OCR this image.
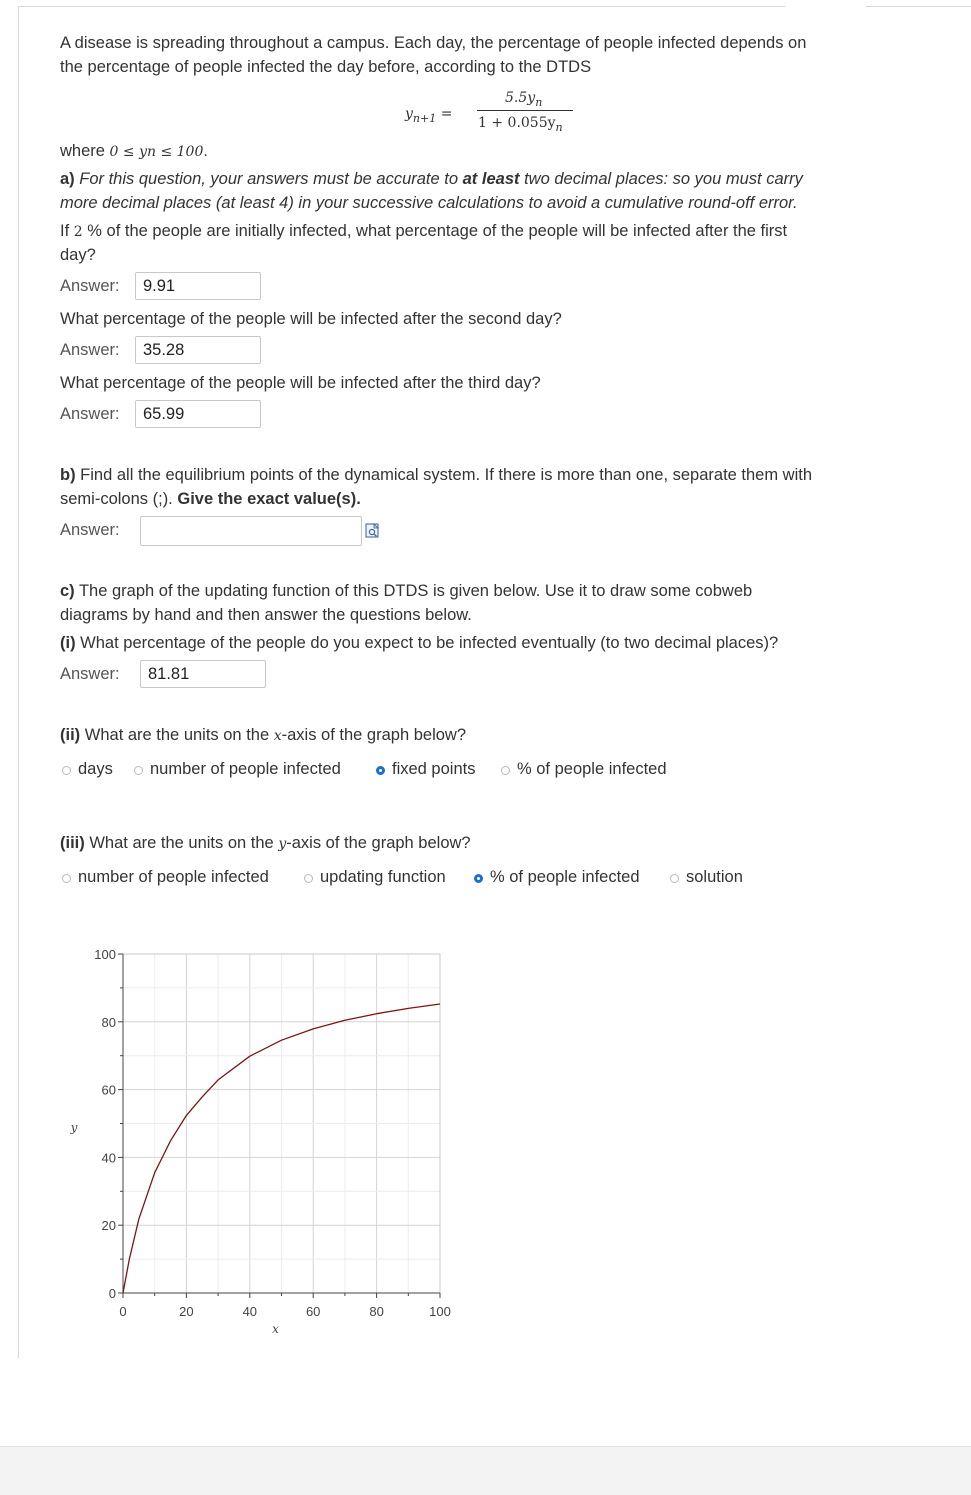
A disease is spreading throughout a campus. Each day, the percentage of people infected depends on
the percentage of people infected the day before, according to the DTDS
$y_{n+1}$ =
$5.5y_n$
$1 + 0.055y_n$
where 0 ≤ yn ≤ 100.
a) For this question, your answers must be accurate to at least two decimal places: so you must carry
more decimal places (at least 4) in your successive calculations to avoid a cumulative round-off error.
If 2 % of the people are initially infected, what percentage of the people will be infected after the first
day?
Answer:	9.91
What percentage of the people will be infected after the second day?
Answer:	35.28
What percentage of the people will be infected after the third day?
Answer:	65.99
b) Find all the equilibrium points of the dynamical system. If there is more than one, separate them with
semi-colons (;). Give the exact value(s).
Answer:
c) The graph of the updating function of this DTDS is given below. Use it to draw some cobweb
diagrams by hand and then answer the questions below.
(i) What percentage of the people do you expect to be infected eventually (to two decimal places)?
Answer:	81.81
(ii) What are the units on the x-axis of the graph below?
days	number of people infected	fixed points	% of people infected
(iii) What are the units on the y-axis of the graph below?
number of people infected	updating function	% of people infected	solution
0	20	40	60	80	100
0
20
40
60
80
100
x
y
